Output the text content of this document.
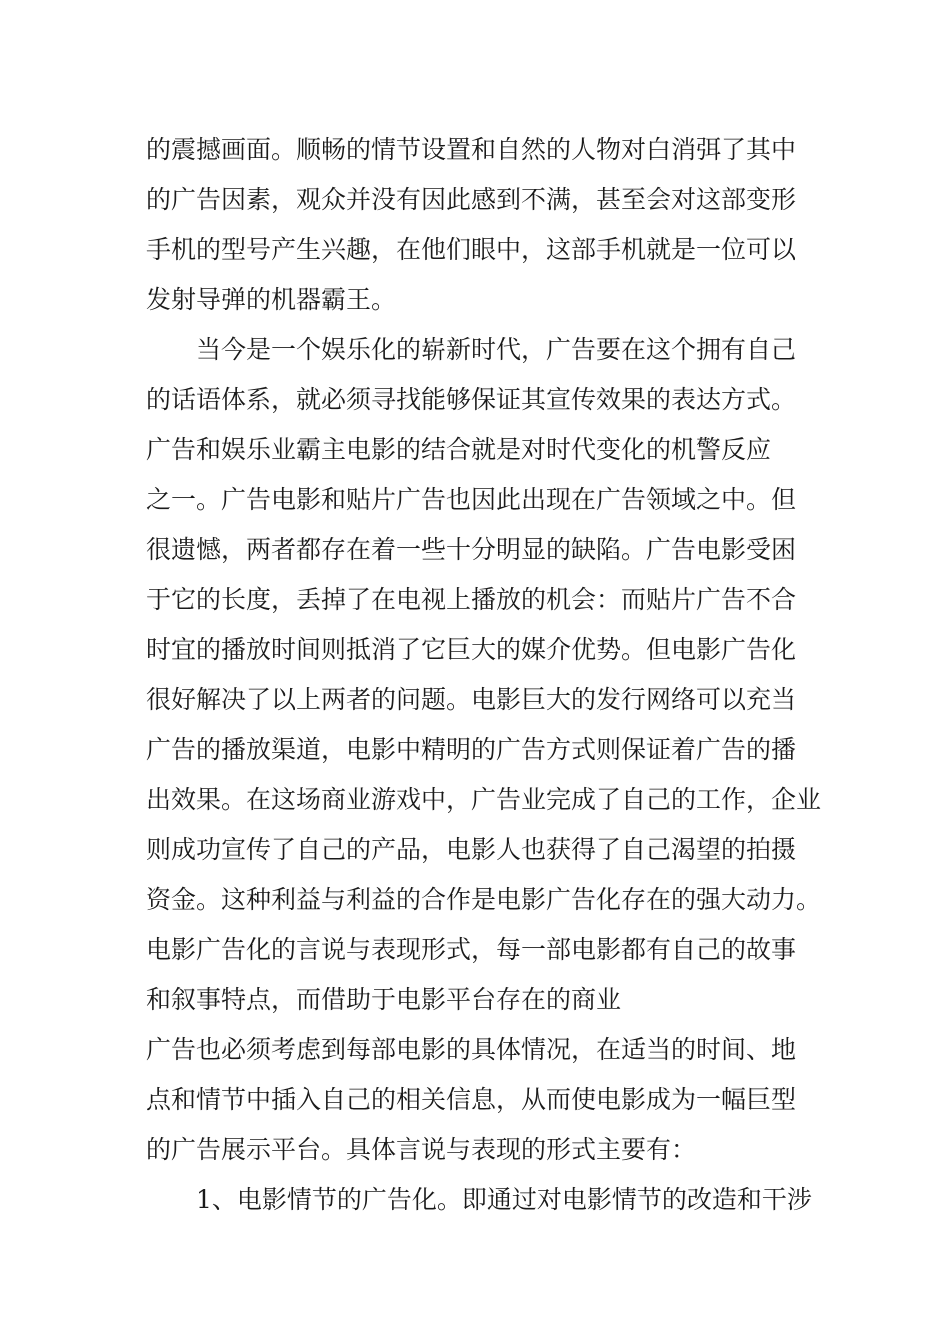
的震撼画面。顺畅的情节设置和自然的人物对白消弭了其中
的广告因素，观众并没有因此感到不满，甚至会对这部变形
手机的型号产生兴趣，在他们眼中，这部手机就是一位可以
发射导弹的机器霸王。
当今是一个娱乐化的崭新时代，广告要在这个拥有自己
的话语体系，就必须寻找能够保证其宣传效果的表达方式。
广告和娱乐业霸主电影的结合就是对时代变化的机警反应
之一。广告电影和贴片广告也因此出现在广告领域之中。但
很遗憾，两者都存在着一些十分明显的缺陷。广告电影受困
于它的长度，丢掉了在电视上播放的机会：而贴片广告不合
时宜的播放时间则抵消了它巨大的媒介优势。但电影广告化
很好解决了以上两者的问题。电影巨大的发行网络可以充当
广告的播放渠道，电影中精明的广告方式则保证着广告的播
出效果。在这场商业游戏中，广告业完成了自己的工作，企业
则成功宣传了自己的产品，电影人也获得了自己渴望的拍摄
资金。这种利益与利益的合作是电影广告化存在的强大动力。
电影广告化的言说与表现形式，每一部电影都有自己的故事
和叙事特点，而借助于电影平台存在的商业
广告也必须考虑到每部电影的具体情况，在适当的时间、地
点和情节中插入自己的相关信息，从而使电影成为一幅巨型
的广告展示平台。具体言说与表现的形式主要有：
1、电影情节的广告化。即通过对电影情节的改造和干涉
